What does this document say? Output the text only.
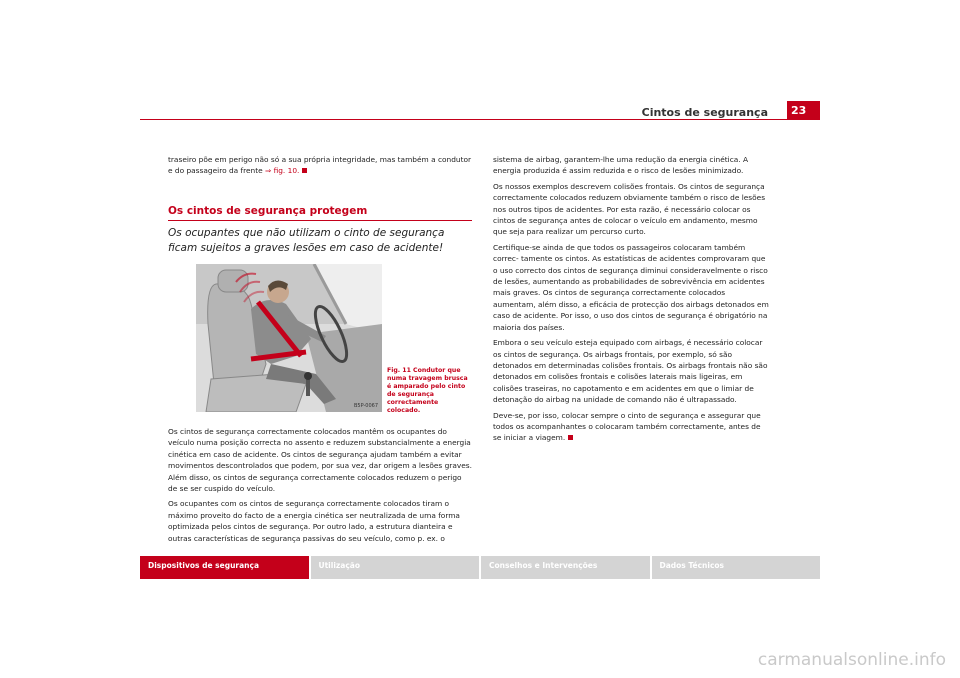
Cintos de segurança	23

traseiro põe em perigo não só a sua própria integridade, mas também a condutor e do passageiro da frente ⇒ fig. 10.

Os cintos de segurança protegem
Os ocupantes que não utilizam o cinto de segurança ficam sujeitos a graves lesões em caso de acidente!
B5P-0067
Fig. 11 Condutor que numa travagem brusca é amparado pelo cinto de segurança correctamente colocado.

Os cintos de segurança correctamente colocados mantêm os ocupantes do veículo numa posição correcta no assento e reduzem substancialmente a energia cinética em caso de acidente. Os cintos de segurança ajudam também a evitar movimentos descontrolados que podem, por sua vez, dar origem a lesões graves. Além disso, os cintos de segurança correctamente colocados reduzem o perigo de se ser cuspido do veículo.

Os ocupantes com os cintos de segurança correctamente colocados tiram o máximo proveito do facto de a energia cinética ser neutralizada de uma forma optimizada pelos cintos de segurança. Por outro lado, a estrutura dianteira e outras características de segurança passivas do seu veículo, como p. ex. o

sistema de airbag, garantem-lhe uma redução da energia cinética. A energia produzida é assim reduzida e o risco de lesões minimizado.

Os nossos exemplos descrevem colisões frontais. Os cintos de segurança correctamente colocados reduzem obviamente também o risco de lesões nos outros tipos de acidentes. Por esta razão, é necessário colocar os cintos de segurança antes de colocar o veículo em andamento, mesmo que seja para realizar um percurso curto.

Certifique-se ainda de que todos os passageiros colocaram também correc- tamente os cintos. As estatísticas de acidentes comprovaram que o uso correcto dos cintos de segurança diminui consideravelmente o risco de lesões, aumentando as probabilidades de sobrevivência em acidentes mais graves. Os cintos de segurança correctamente colocados aumentam, além disso, a eficácia de protecção dos airbags detonados em caso de acidente. Por isso, o uso dos cintos de segurança é obrigatório na maioria dos países.

Embora o seu veículo esteja equipado com airbags, é necessário colocar os cintos de segurança. Os airbags frontais, por exemplo, só são detonados em determinadas colisões frontais. Os airbags frontais não são detonados em colisões frontais e colisões laterais mais ligeiras, em colisões traseiras, no capotamento e em acidentes em que o limiar de detonação do airbag na unidade de comando não é ultrapassado.

Deve-se, por isso, colocar sempre o cinto de segurança e assegurar que todos os acompanhantes o colocaram também correctamente, antes de se iniciar a viagem.

Dispositivos de segurança	Utilização	Conselhos e Intervenções	Dados Técnicos
carmanualsonline.info
